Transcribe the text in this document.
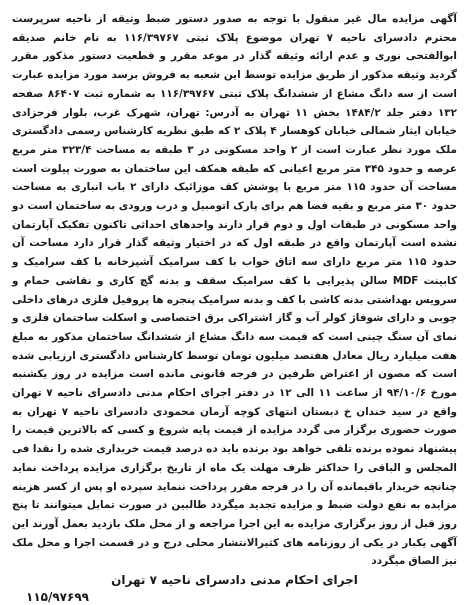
آگهی مزایده مال غیر منقول با توجه به صدور دستور ضبط وثیقه از ناحیه سرپرست محترم دادسرای ناحیه ۷ تهران موضوع پلاک ثبتی ۱۱۶/۳۹۷۶۷ به نام خانم صدیقه ابوالفتحی نوری و عدم ارائه وثیقه گذار در موعد مقرر و قطعیت دستور مذکور مقرر گردید وثیقه مذکور از طریق مزایده توسط این شعبه به فروش برسد مورد مزایده عبارت است از سه دانگ مشاع از ششدانگ پلاک ثبتی ۱۱۶/۳۹۷۶۷ به شماره ثبت ۸۶۴۰۷ صفحه ۱۳۲ دفتر جلد ۱۴۸۴/۲ بخش ۱۱ تهران به آدرس: تهران، شهرک غرب، بلوار فرحزادی خیابان ایثار شمالی خیابان کوهسار ۴ پلاک ۲ که طبق نظریه کارشناس رسمی دادگستری ملک مورد نظر عبارت است از ۲ واحد مسکونی در ۳ طبقه به مساحت ۳۲۳/۴ متر مربع عرصه و حدود ۳۴۵ متر مربع اعیانی که طبقه همکف این ساختمان به صورت پیلوت است مساحت آن حدود ۱۱۵ متر مربع با پوشش کف موزائیک دارای ۲ باب انباری به مساحت حدود ۳۰ متر مربع و بقیه فضا هم برای پارک اتومبیل و درب ورودی به ساختمان است دو واحد مسکونی در طبقات اول و دوم قرار دارند واحدهای احداثی تاکنون تفکیک آپارتمان نشده است آپارتمان واقع در طبقه اول که در اختیار وثیقه گذار قرار دارد مساحت آن حدود ۱۱۵ متر مربع دارای سه اتاق خواب با کف سرامیک آشپزخانه با کف سرامیک و کابینت MDF سالن پذیرایی با کف سرامیک سقف و بدنه گچ کاری و نقاشی حمام و سرویس بهداشتی بدنه کاشی با کف و بدنه سرامیک پنجره ها پروفیل فلزی درهای داخلی چوبی و دارای شوفاژ کولر آب و گاز اشتراکی برق اختصاصی و اسکلت ساختمان فلزی و نمای آن سنگ چینی است که قیمت سه دانگ مشاع از ششدانگ ساختمان مذکور به مبلغ هفت میلیارد ریال معادل هفتصد میلیون تومان توسط کارشناس دادگستری ارزیابی شده است که مصون از اعتراض طرفین در فرجه قانونی مانده است مزایده در روز یکشنبه مورخ ۹۴/۱۰/۶ از ساعت ۱۱ الی ۱۲ در دفتر اجرای احکام مدنی دادسرای ناحیه ۷ تهران واقع در سید خندان خ دبستان انتهای کوچه آرمان محمودی دادسرای ناحیه ۷ تهران به صورت حضوری برگزار می گردد مزایده از قیمت پایه شروع و کسی که بالاترین قیمت را پیشنهاد نموده برنده تلقی خواهد بود برنده باید ده درصد قیمت خریداری شده را نقدا فی المجلس و الباقی را حداکثر ظرف مهلت یک ماه از تاریخ برگزاری مزایده پرداخت نماید چنانچه خریدار باقیمانده آن را در فرجه مقرر پرداخت ننماید سپرده او پس از کسر هزینه مزایده به نفع دولت ضبط و مزایده تجدید میگردد طالبین در صورت تمایل میتوانند تا پنج روز قبل از روز برگزاری مزایده به این اجرا مراجعه و از محل ملک بازدید بعمل آورند این آگهی یکبار در یکی از روزنامه های کثیرالانتشار محلی درج و در قسمت اجرا و محل ملک نیز الصاق میگردد

اجرای احکام مدنی دادسرای ناحیه ۷ تهران
۱۱۵/۹۷۶۹۹
